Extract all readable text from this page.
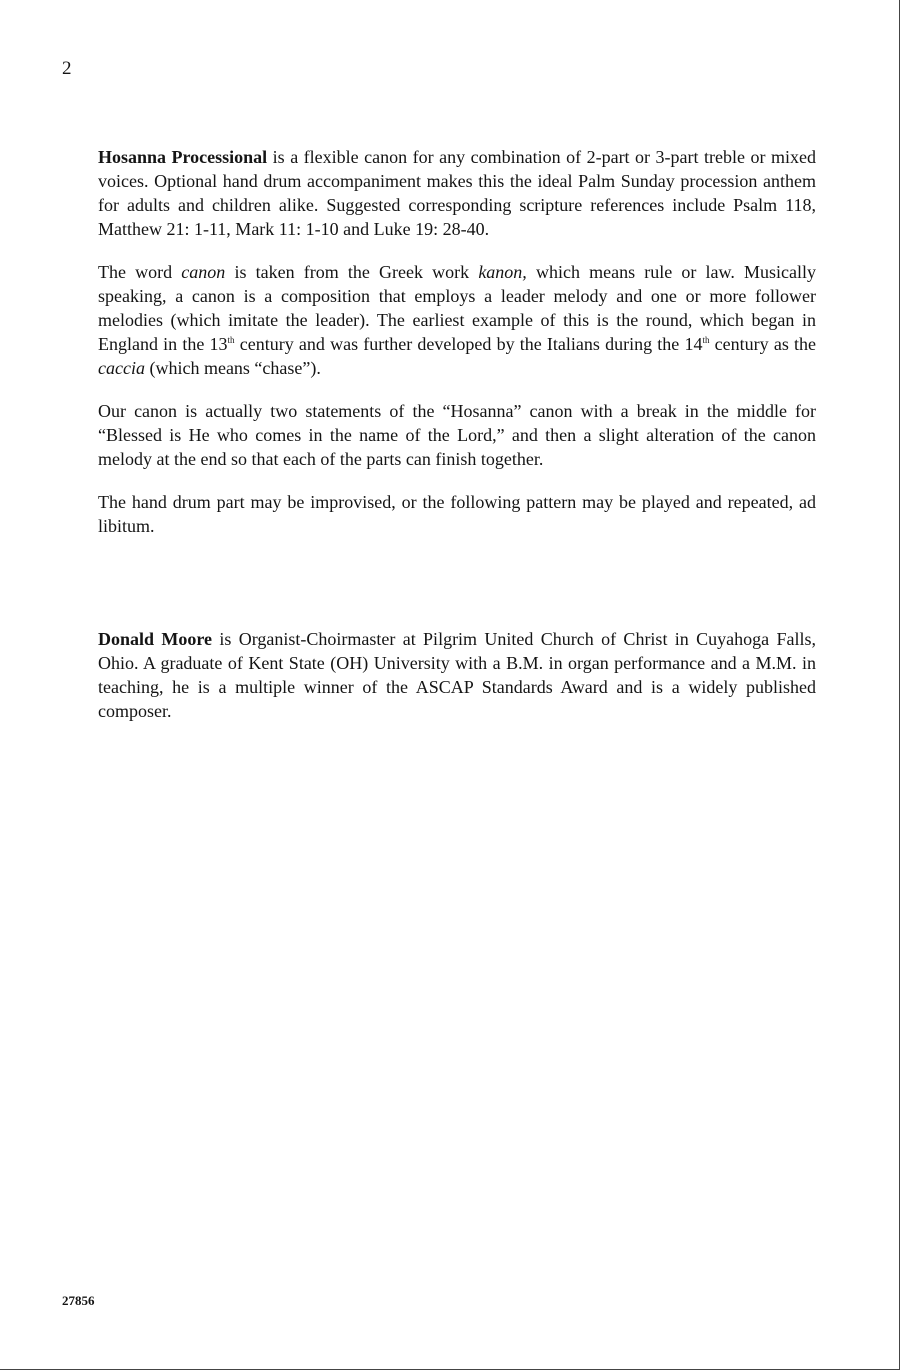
2

Hosanna Processional is a flexible canon for any combination of 2-part or 3-part treble or mixed voices. Optional hand drum accompaniment makes this the ideal Palm Sunday procession anthem for adults and children alike. Suggested corresponding scripture references include Psalm 118, Matthew 21: 1-11, Mark 11: 1-10 and Luke 19: 28-40.

The word canon is taken from the Greek work kanon, which means rule or law. Musically speaking, a canon is a composition that employs a leader melody and one or more follower melodies (which imitate the leader). The earliest example of this is the round, which began in England in the 13th century and was further developed by the Italians during the 14th century as the caccia (which means “chase”).

Our canon is actually two statements of the “Hosanna” canon with a break in the middle for “Blessed is He who comes in the name of the Lord,” and then a slight alteration of the canon melody at the end so that each of the parts can finish together.

The hand drum part may be improvised, or the following pattern may be played and repeated, ad libitum.

Donald Moore is Organist-Choirmaster at Pilgrim United Church of Christ in Cuyahoga Falls, Ohio. A graduate of Kent State (OH) University with a B.M. in organ performance and a M.M. in teaching, he is a multiple winner of the ASCAP Standards Award and is a widely published composer.

27856
